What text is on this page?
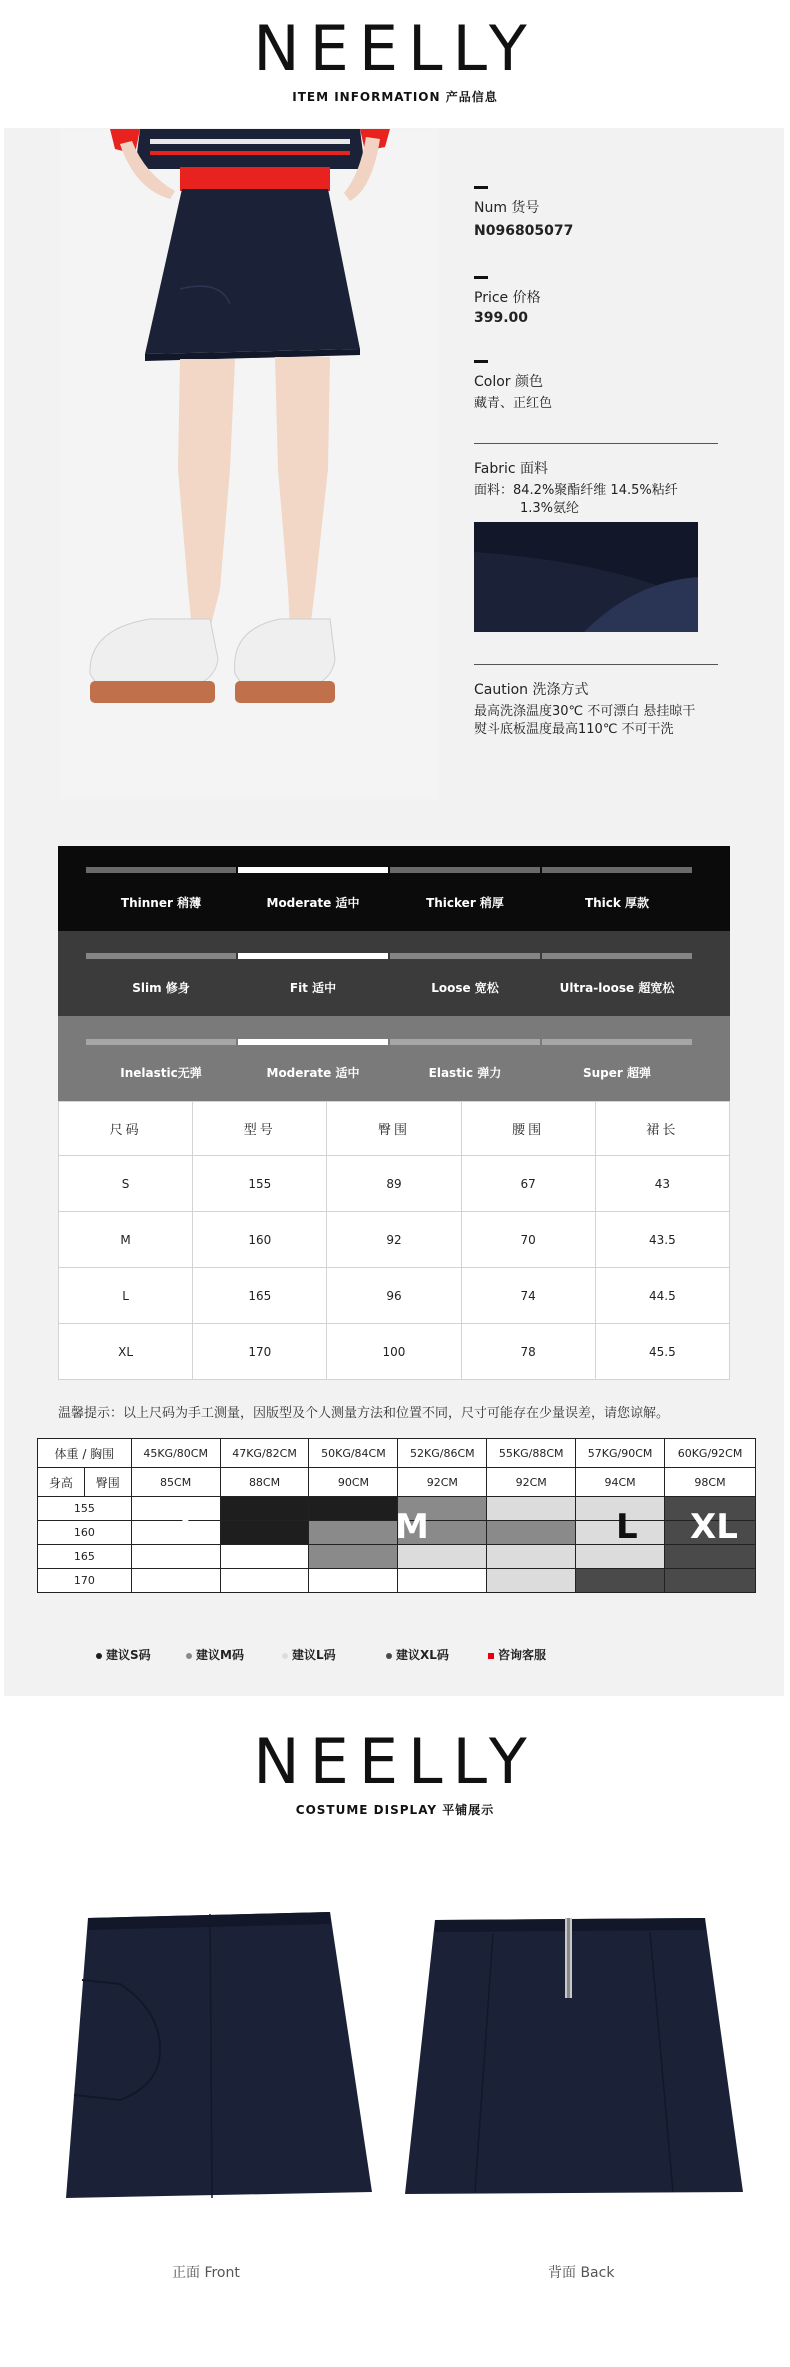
NEELLY
ITEM INFORMATION 产品信息
Num 货号
N096805077
Price 价格
399.00
Color 颜色
藏青、正红色
Fabric 面料
面料：84.2%聚酯纤维 14.5%粘纤
1.3%氨纶
Caution 洗涤方式
最高洗涤温度30℃ 不可漂白 悬挂晾干
熨斗底板温度最高110℃ 不可干洗
Thinner 稍薄	Moderate 适中	Thicker 稍厚	Thick 厚款
Slim 修身	Fit 适中	Loose 宽松	Ultra-loose 超宽松
Inelastic无弹	Moderate 适中	Elastic 弹力	Super 超弹
尺码	型号	臀围	腰围	裙长
S	155	89	67	43
M	160	92	70	43.5
L	165	96	74	44.5
XL	170	100	78	45.5
温馨提示：以上尺码为手工测量，因版型及个人测量方法和位置不同，尺寸可能存在少量误差，请您谅解。
体重 / 胸围		45KG/80CM	47KG/82CM	50KG/84CM	52KG/86CM	55KG/88CM	57KG/90CM	60KG/92CM
身高	臀围	85CM	88CM	90CM	92CM	92CM	94CM	98CM
155								
160								
165								
170								
S	M	L XL
建议S码	建议M码	建议L码	建议XL码	咨询客服
NEELLY
COSTUME DISPLAY 平铺展示
正面 Front	背面 Back
